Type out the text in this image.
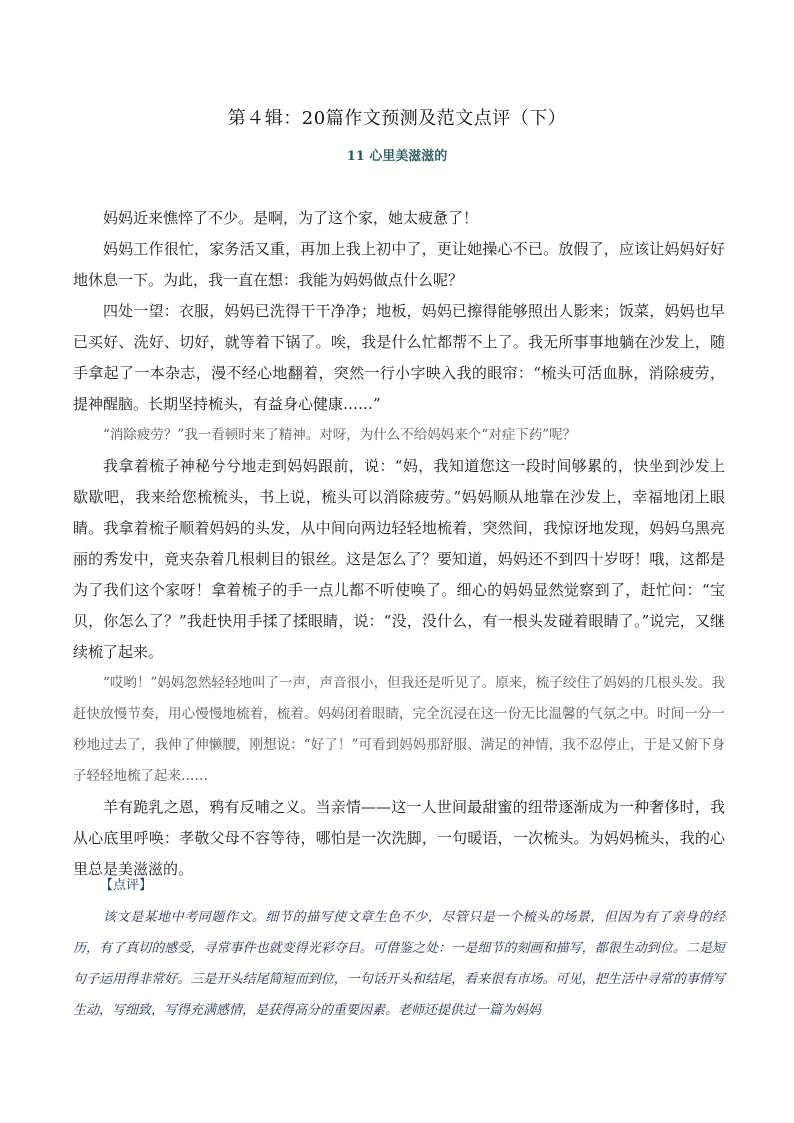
第４辑：20篇作文预测及范文点评（下）
11 心里美滋滋的

妈妈近来憔悴了不少。是啊，为了这个家，她太疲惫了！

妈妈工作很忙，家务活又重，再加上我上初中了，更让她操心不已。放假了，应该让妈妈好好地休息一下。为此，我一直在想：我能为妈妈做点什么呢？

四处一望：衣服，妈妈已洗得干干净净；地板，妈妈已擦得能够照出人影来；饭菜，妈妈也早已买好、洗好、切好，就等着下锅了。唉，我是什么忙都帮不上了。我无所事事地躺在沙发上，随手拿起了一本杂志，漫不经心地翻着，突然一行小字映入我的眼帘：“梳头可活血脉，消除疲劳，提神醒脑。长期坚持梳头，有益身心健康……”

“消除疲劳？”我一看顿时来了精神。对呀，为什么不给妈妈来个“对症下药”呢？

我拿着梳子神秘兮兮地走到妈妈跟前，说：“妈，我知道您这一段时间够累的，快坐到沙发上歇歇吧，我来给您梳梳头，书上说，梳头可以消除疲劳。”妈妈顺从地靠在沙发上，幸福地闭上眼睛。我拿着梳子顺着妈妈的头发，从中间向两边轻轻地梳着，突然间，我惊讶地发现，妈妈乌黑亮丽的秀发中，竟夹杂着几根刺目的银丝。这是怎么了？要知道，妈妈还不到四十岁呀！哦，这都是为了我们这个家呀！拿着梳子的手一点儿都不听使唤了。细心的妈妈显然觉察到了，赶忙问：“宝贝，你怎么了？”我赶快用手揉了揉眼睛，说：“没，没什么，有一根头发碰着眼睛了。”说完，又继续梳了起来。

“哎哟！”妈妈忽然轻轻地叫了一声，声音很小，但我还是听见了。原来，梳子绞住了妈妈的几根头发。我赶快放慢节奏，用心慢慢地梳着，梳着。妈妈闭着眼睛，完全沉浸在这一份无比温馨的气氛之中。时间一分一秒地过去了，我伸了伸懒腰，刚想说：“好了！”可看到妈妈那舒服、满足的神情，我不忍停止，于是又俯下身子轻轻地梳了起来……

羊有跪乳之恩，鸦有反哺之义。当亲情——这一人世间最甜蜜的纽带逐渐成为一种奢侈时，我从心底里呼唤：孝敬父母不容等待，哪怕是一次洗脚，一句暖语，一次梳头。为妈妈梳头，我的心里总是美滋滋的。

【点评】

该文是某地中考同题作文。细节的描写使文章生色不少，尽管只是一个梳头的场景，但因为有了亲身的经历，有了真切的感受，寻常事件也就变得光彩夺目。可借鉴之处：一是细节的刻画和描写，都很生动到位。二是短句子运用得非常好。三是开头结尾简短而到位，一句话开头和结尾，看来很有市场。可见，把生活中寻常的事情写生动，写细致，写得充满感情，是获得高分的重要因素。老师还提供过一篇为妈妈
